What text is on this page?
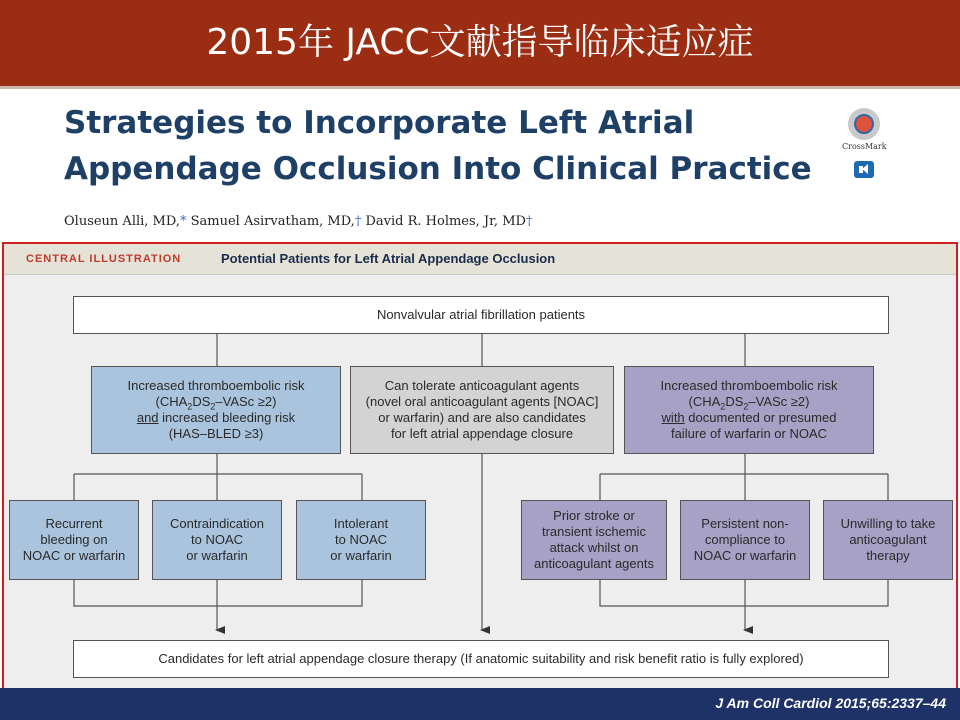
2015年 JACC文献指导临床适应症
Strategies to Incorporate Left Atrial
Appendage Occlusion Into Clinical Practice
CrossMark
Oluseun Alli, MD,* Samuel Asirvatham, MD,† David R. Holmes, Jr, MD†
CENTRAL ILLUSTRATION	Potential Patients for Left Atrial Appendage Occlusion
Nonvalvular atrial fibrillation patients
Increased thromboembolic risk
($CHA_2DS_2$–VASc ≥2)
and increased bleeding risk
(HAS–BLED ≥3)
Can tolerate anticoagulant agents
(novel oral anticoagulant agents [NOAC]
or warfarin) and are also candidates
for left atrial appendage closure
Increased thromboembolic risk
($CHA_2DS_2$–VASc ≥2)
with documented or presumed
failure of warfarin or NOAC
Recurrent
bleeding on
NOAC or warfarin
Contraindication
to NOAC
or warfarin
Intolerant
to NOAC
or warfarin
Prior stroke or
transient ischemic
attack whilst on
anticoagulant agents
Persistent non-
compliance to
NOAC or warfarin
Unwilling to take
anticoagulant
therapy
Candidates for left atrial appendage closure therapy (If anatomic suitability and risk benefit ratio is fully explored)
J Am Coll Cardiol 2015;65:2337–44
